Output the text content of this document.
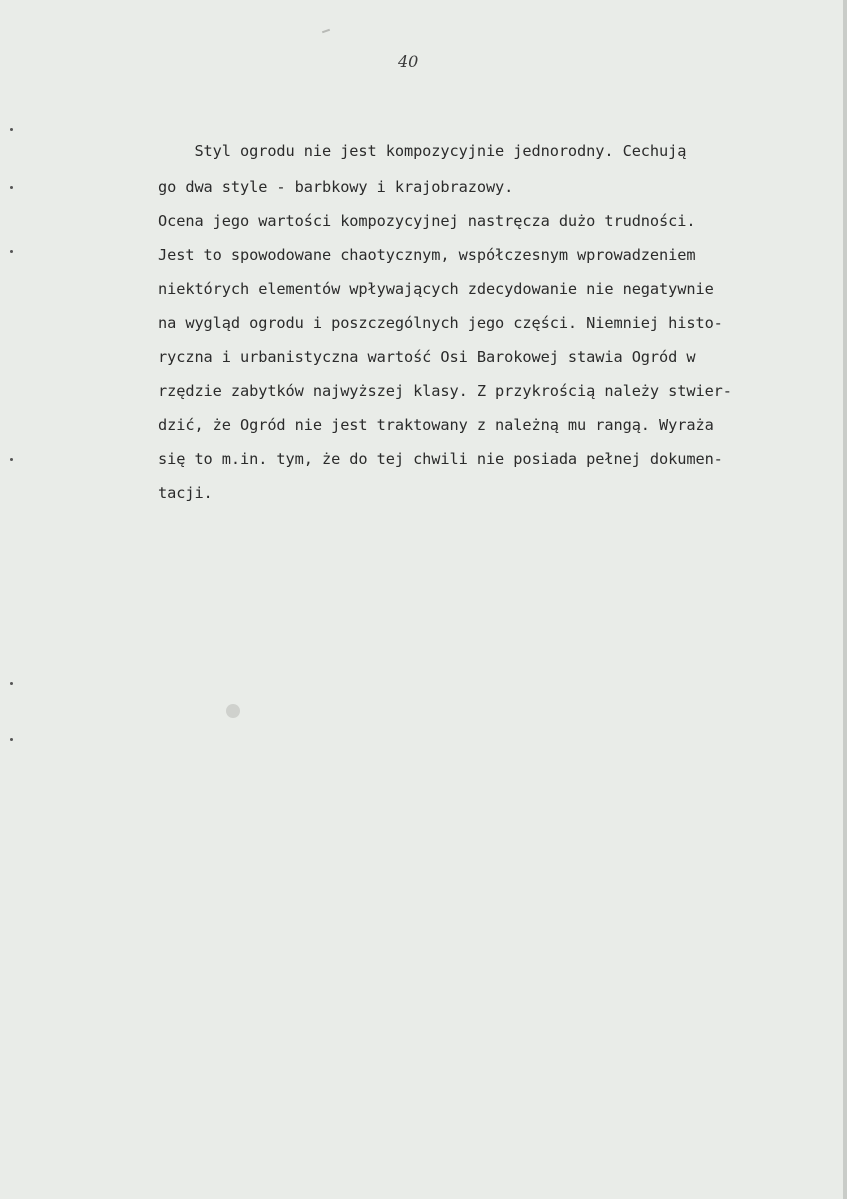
40
Styl ogrodu nie jest kompozycyjnie jednorodny. Cechują
go dwa style - barbkowy i krajobrazowy.
Ocena jego wartości kompozycyjnej nastręcza dużo trudności.
Jest to spowodowane chaotycznym, współczesnym wprowadzeniem
niektórych elementów wpływających zdecydowanie nie negatywnie
na wygląd ogrodu i poszczególnych jego części. Niemniej histo-
ryczna i urbanistyczna wartość Osi Barokowej stawia Ogród w
rzędzie zabytków najwyższej klasy. Z przykrością należy stwier-
dzić, że Ogród nie jest traktowany z należną mu rangą. Wyraża
się to m.in. tym, że do tej chwili nie posiada pełnej dokumen-
tacji.
